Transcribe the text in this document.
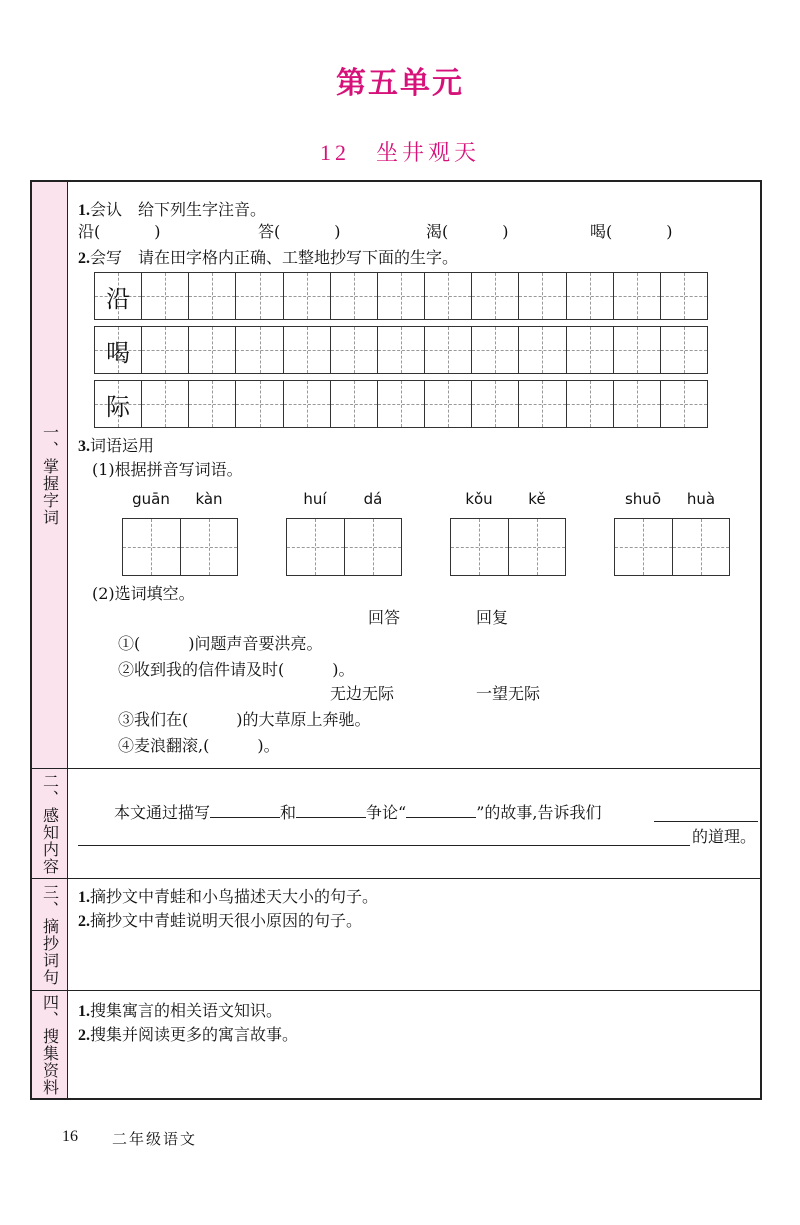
第五单元
12 坐井观天
一、掌握字词
1.会认　 给下列生字注音。
沿(	)	答(	)	渴(	)	喝(	)
2.会写　 请在田字格内正确、工整地抄写下面的生字。
沿
喝
际
3.词语运用
(1)根据拼音写词语。
guān	kàn	huí	dá	kǒu	kě	shuō	huà
(2)选词填空。
回答	回复
①(　　　)问题声音要洪亮。
②收到我的信件请及时(　　　)。
无边无际	一望无际
③我们在(　　　)的大草原上奔驰。
④麦浪翻滚,(　　　)。
二、感知内容	本文通过描写	和	争论“	”的故事,告诉我们
的道理。
三、摘抄词句 1.摘抄文中青蛙和小鸟描述天大小的句子。
2.摘抄文中青蛙说明天很小原因的句子。
四、搜集资料 1.搜集寓言的相关语文知识。
2.搜集并阅读更多的寓言故事。
16 二年级语文
